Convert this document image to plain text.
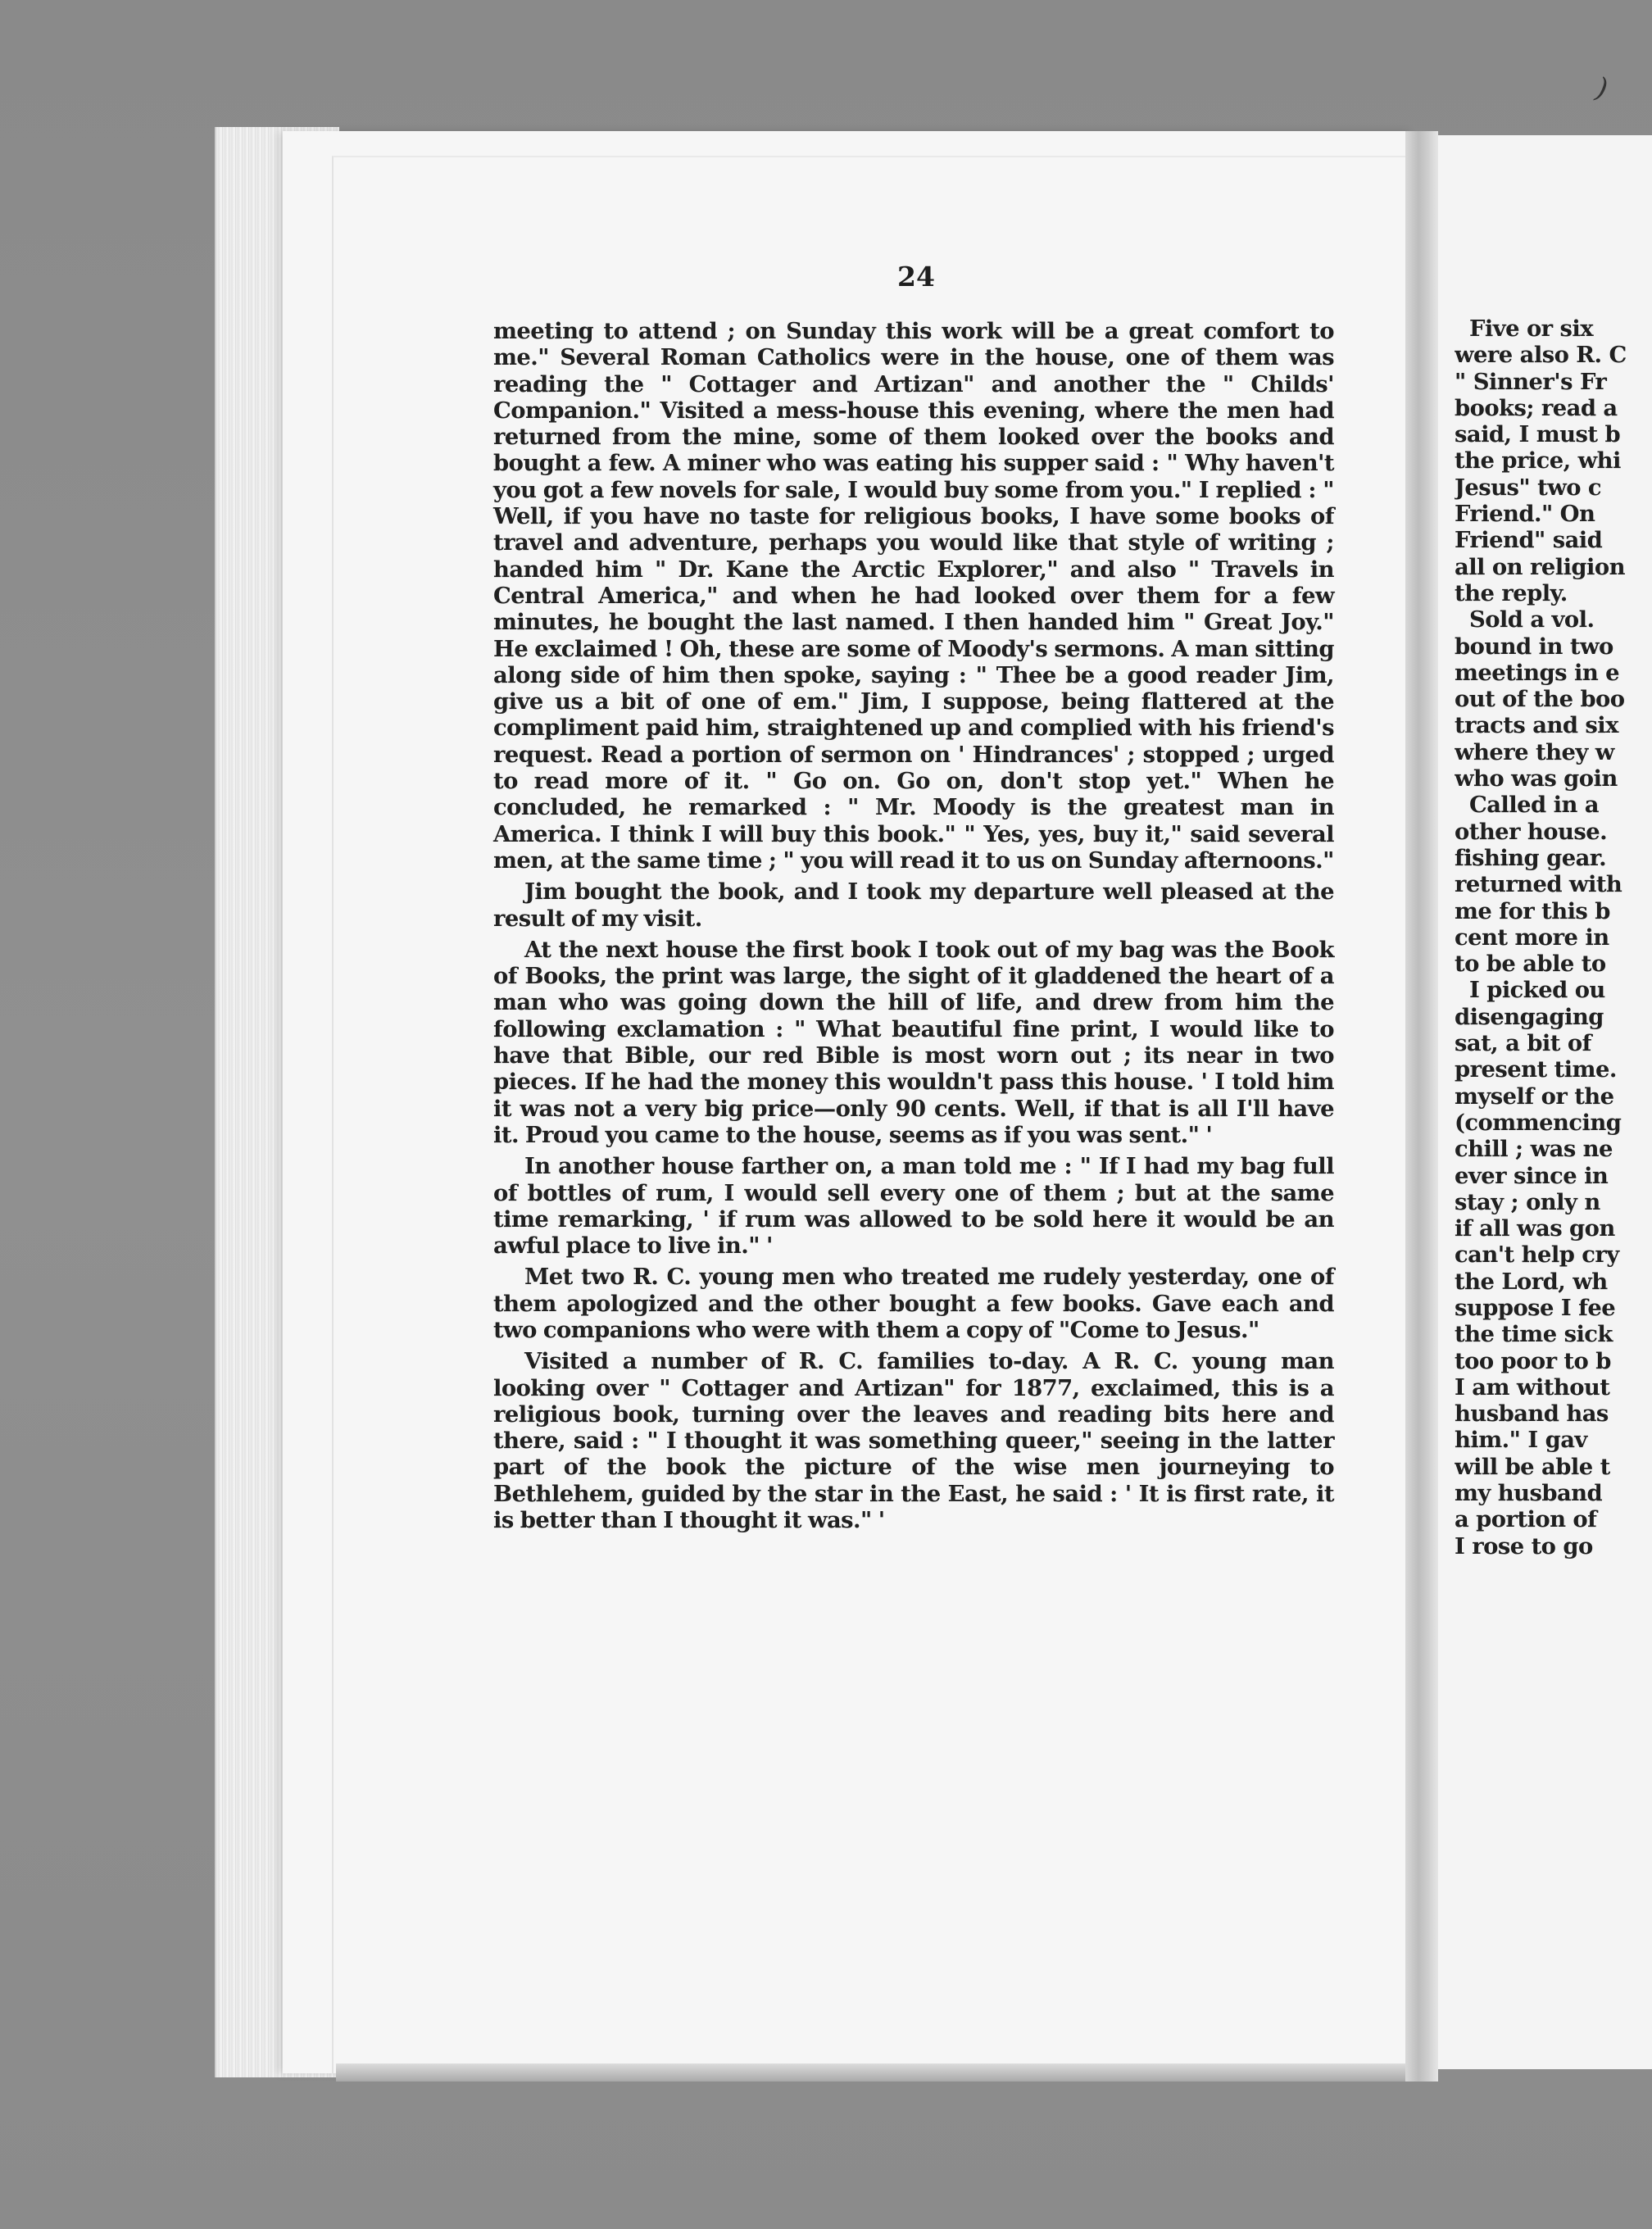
)
24

meeting to attend ; on Sunday this work will be a great comfort to me." Several Roman Catholics were in the house, one of them was reading the " Cottager and Artizan" and another the " Childs' Companion." Visited a mess-house this evening, where the men had returned from the mine, some of them looked over the books and bought a few. A miner who was eating his supper said : " Why haven't you got a few novels for sale, I would buy some from you." I replied : " Well, if you have no taste for religious books, I have some books of travel and adventure, perhaps you would like that style of writing ; handed him " Dr. Kane the Arctic Explorer," and also " Travels in Central America," and when he had looked over them for a few minutes, he bought the last named. I then handed him " Great Joy." He exclaimed ! Oh, these are some of Moody's sermons. A man sitting along side of him then spoke, saying : " Thee be a good reader Jim, give us a bit of one of em." Jim, I suppose, being flattered at the compliment paid him, straightened up and complied with his friend's request. Read a portion of sermon on ' Hindrances' ; stopped ; urged to read more of it. " Go on. Go on, don't stop yet." When he concluded, he remarked : " Mr. Moody is the greatest man in America. I think I will buy this book." " Yes, yes, buy it," said several men, at the same time ; " you will read it to us on Sunday afternoons."

Jim bought the book, and I took my departure well pleased at the result of my visit.

At the next house the first book I took out of my bag was the Book of Books, the print was large, the sight of it gladdened the heart of a man who was going down the hill of life, and drew from him the following exclamation : " What beautiful fine print, I would like to have that Bible, our red Bible is most worn out ; its near in two pieces. If he had the money this wouldn't pass this house. ' I told him it was not a very big price—only 90 cents. Well, if that is all I'll have it. Proud you came to the house, seems as if you was sent." '

In another house farther on, a man told me : " If I had my bag full of bottles of rum, I would sell every one of them ; but at the same time remarking, ' if rum was allowed to be sold here it would be an awful place to live in." '

Met two R. C. young men who treated me rudely yesterday, one of them apologized and the other bought a few books. Gave each and two companions who were with them a copy of "Come to Jesus."

Visited a number of R. C. families to-day. A R. C. young man looking over " Cottager and Artizan" for 1877, exclaimed, this is a religious book, turning over the leaves and reading bits here and there, said : " I thought it was something queer," seeing in the latter part of the book the picture of the wise men journeying to Bethlehem, guided by the star in the East, he said : ' It is first rate, it is better than I thought it was." '

Five or six
were also R. C
" Sinner's Fr
books; read a
said, I must b
the price, whi
Jesus" two c
Friend." On
Friend" said
all on religion
the reply.
Sold a vol.
bound in two
meetings in e
out of the boo
tracts and six
where they w
who was goin
Called in a
other house.
fishing gear.
returned with
me for this b
cent more in
to be able to
I picked ou
disengaging
sat, a bit of
present time.
myself or the
(commencing
chill ; was ne
ever since in
stay ; only n
if all was gon
can't help cry
the Lord, wh
suppose I fee
the time sick
too poor to b
I am without
husband has
him." I gav
will be able t
my husband
a portion of
I rose to go
